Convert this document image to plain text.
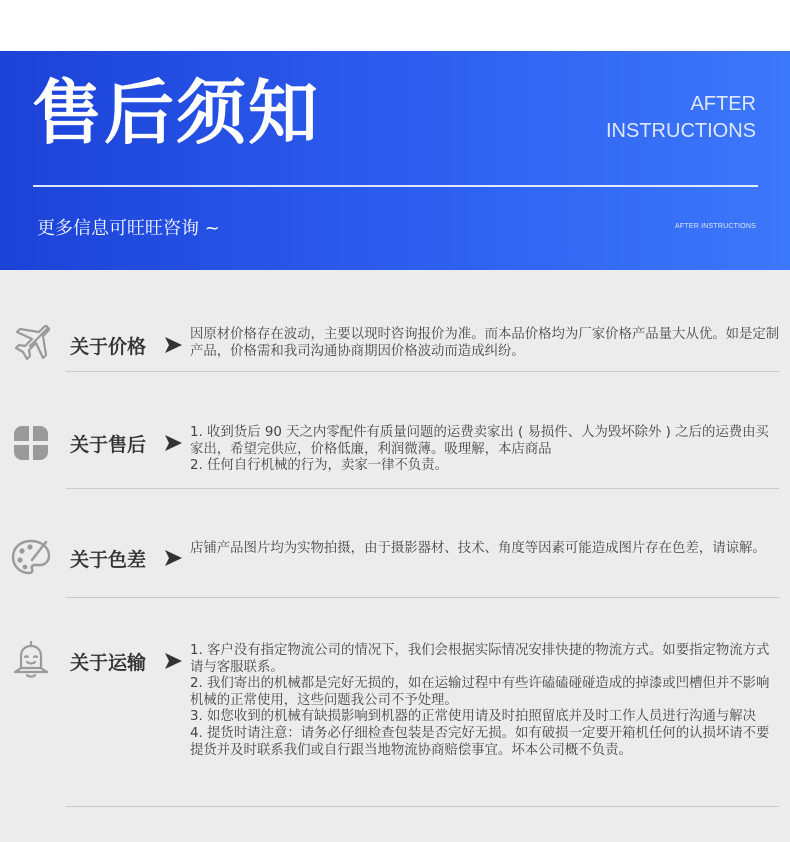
售后须知	AFTER
INSTRUCTIONS
更多信息可旺旺咨询 ~	AFTER INSTRUCTIONS
关于价格

因原材价格存在波动，主要以现时咨询报价为准。而本品价格均为厂家价格产品量大从优。如是定制产品，价格需和我司沟通协商期因价格波动而造成纠纷。

关于售后

1. 收到货后 90 天之内零配件有质量问题的运费卖家出 ( 易损件、人为毁坏除外 ) 之后的运费由买家出，希望完供应，价格低廉，利润微薄。吸理解，本店商品

2. 任何自行机械的行为，卖家一律不负责。

关于色差

店铺产品图片均为实物拍摄，由于摄影器材、技术、角度等因素可能造成图片存在色差，请谅解。

关于运输

1. 客户没有指定物流公司的情况下，我们会根据实际情况安排快捷的物流方式。如要指定物流方式请与客服联系。

2. 我们寄出的机械都是完好无损的，如在运输过程中有些许磕磕碰碰造成的掉漆或凹槽但并不影响机械的正常使用，这些问题我公司不予处理。

3. 如您收到的机械有缺损影响到机器的正常使用请及时拍照留底并及时工作人员进行沟通与解决

4. 提货时请注意：请务必仔细检查包装是否完好无损。如有破损一定要开箱机任何的认损坏请不要提货并及时联系我们或自行跟当地物流协商赔偿事宜。坏本公司概不负责。
